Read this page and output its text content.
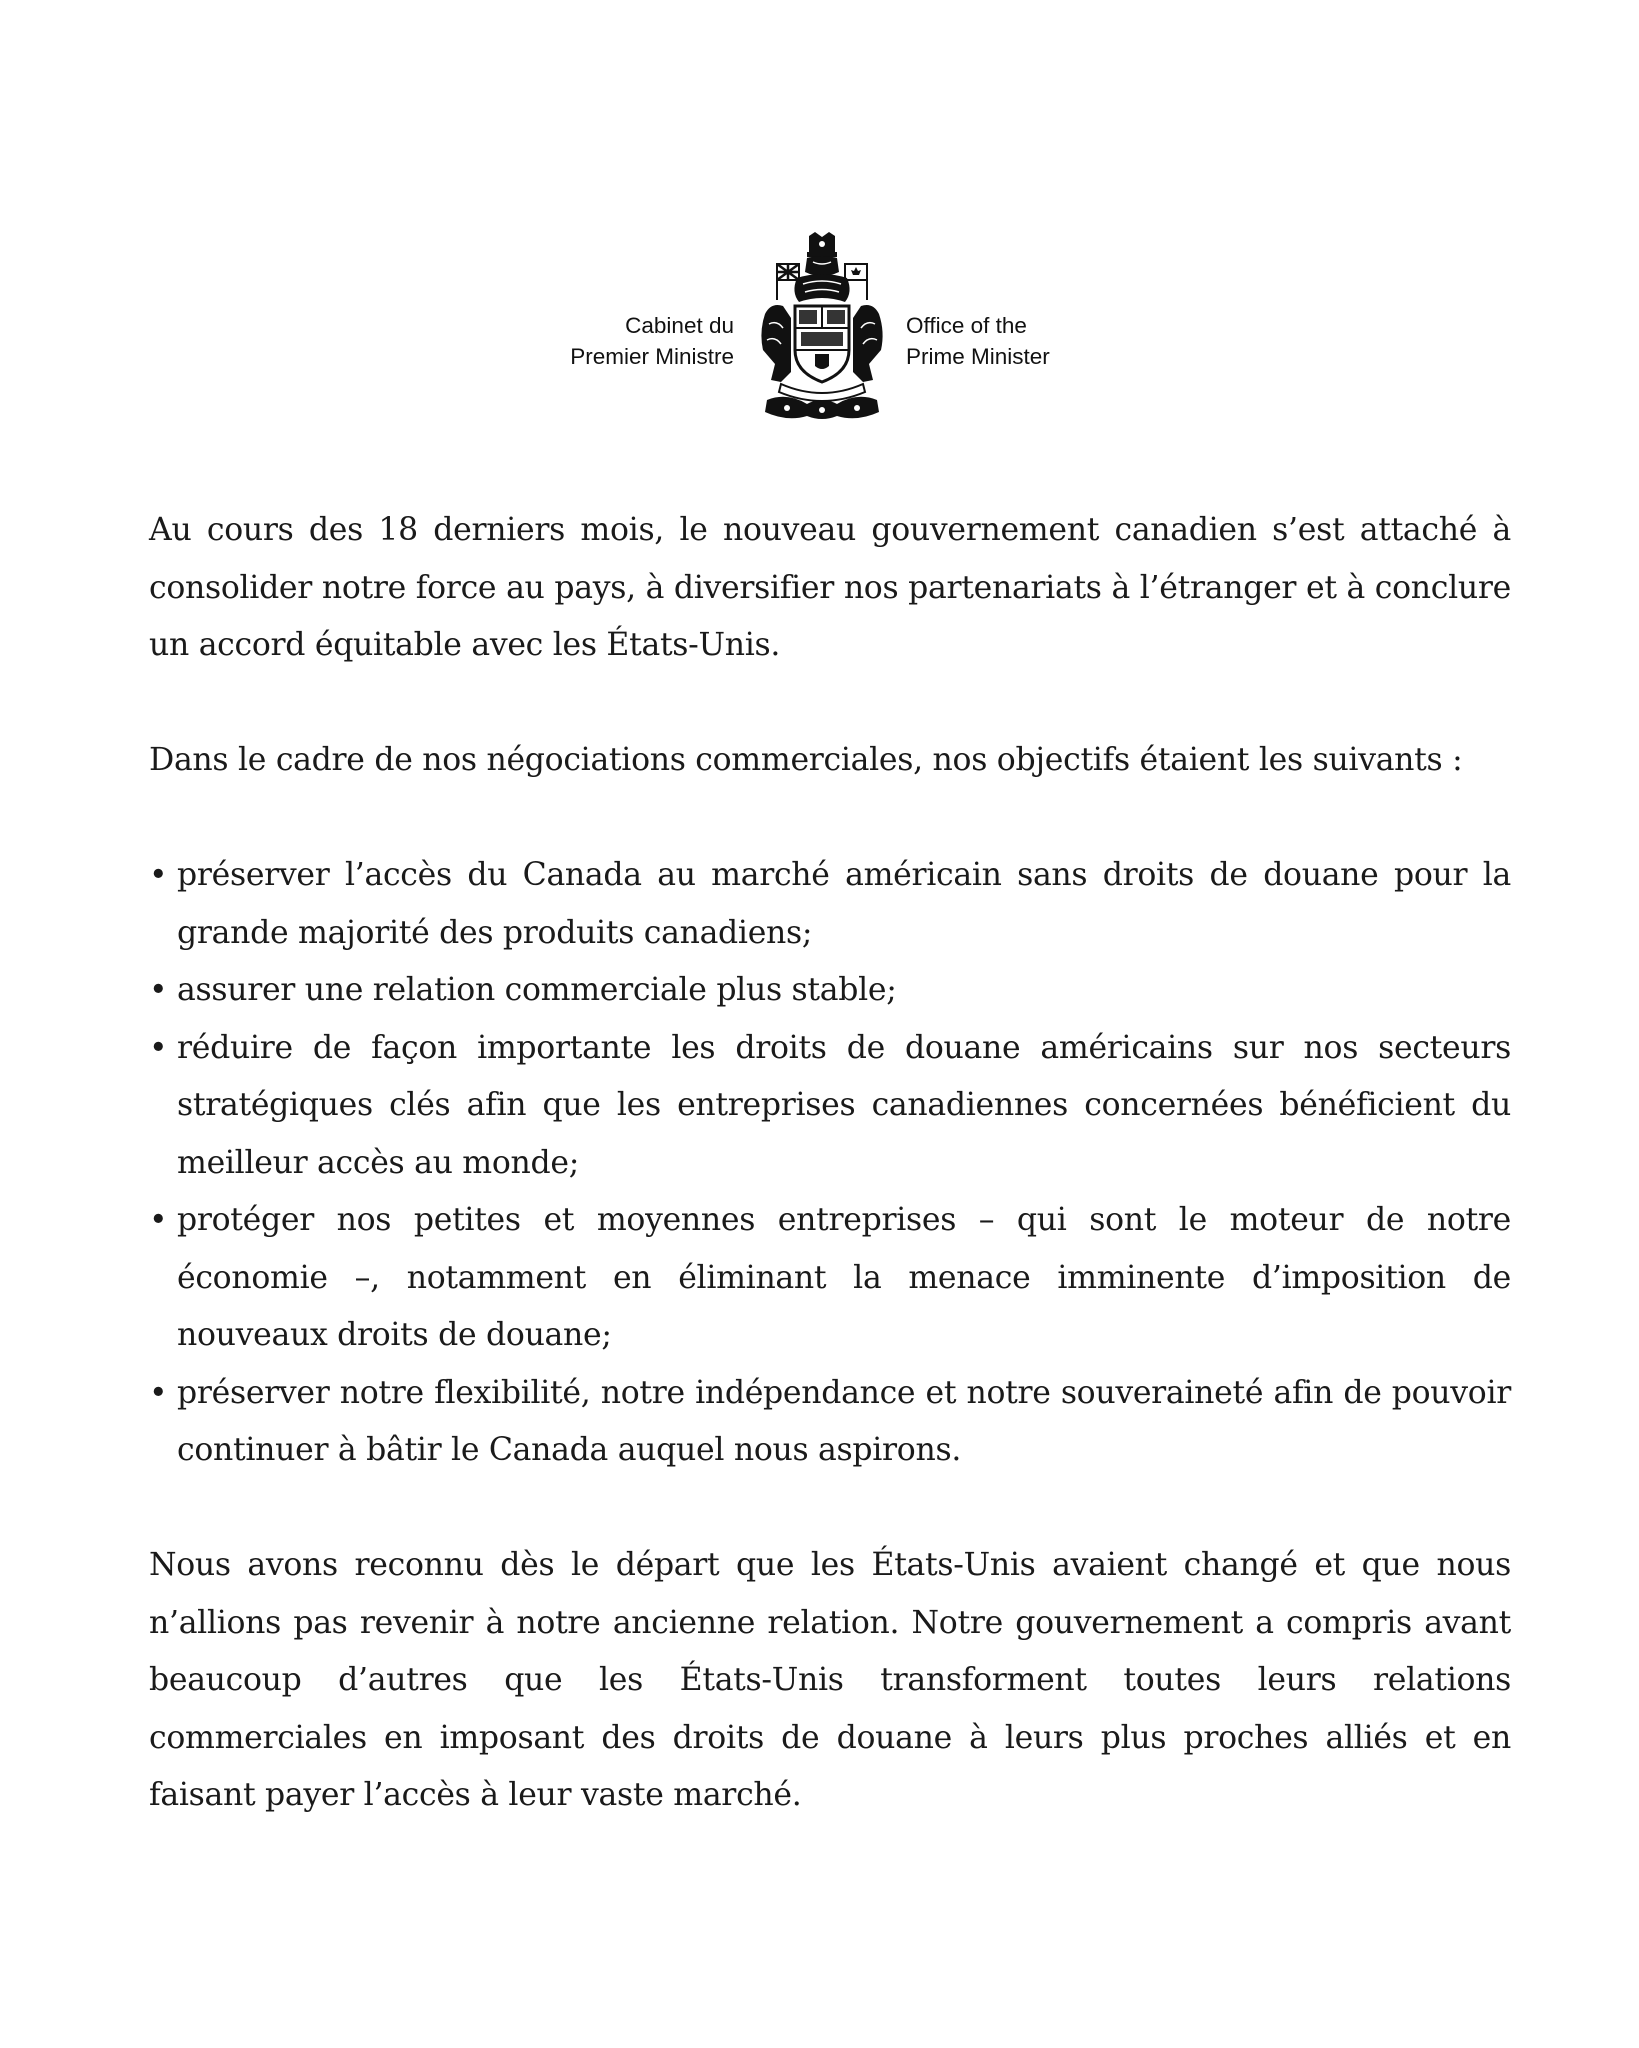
Cabinet du
Premier Ministre
Office of the
Prime Minister

Au cours des 18 derniers mois, le nouveau gouvernement canadien s’est attaché à consolider notre force au pays, à diversifier nos partenariats à l’étranger et à conclure un accord équitable avec les États-Unis.

Dans le cadre de nos négociations commerciales, nos objectifs étaient les suivants :

• préserver l’accès du Canada au marché américain sans droits de douane pour la grande majorité des produits canadiens;
• assurer une relation commerciale plus stable;
• réduire de façon importante les droits de douane américains sur nos secteurs stratégiques clés afin que les entreprises canadiennes concernées bénéficient du meilleur accès au monde;
• protéger nos petites et moyennes entreprises – qui sont le moteur de notre économie –, notamment en éliminant la menace imminente d’imposition de nouveaux droits de douane;
• préserver notre flexibilité, notre indépendance et notre souveraineté afin de pouvoir continuer à bâtir le Canada auquel nous aspirons.

Nous avons reconnu dès le départ que les États-Unis avaient changé et que nous n’allions pas revenir à notre ancienne relation. Notre gouvernement a compris avant beaucoup d’autres que les États-Unis transforment toutes leurs relations commerciales en imposant des droits de douane à leurs plus proches alliés et en faisant payer l’accès à leur vaste marché.
